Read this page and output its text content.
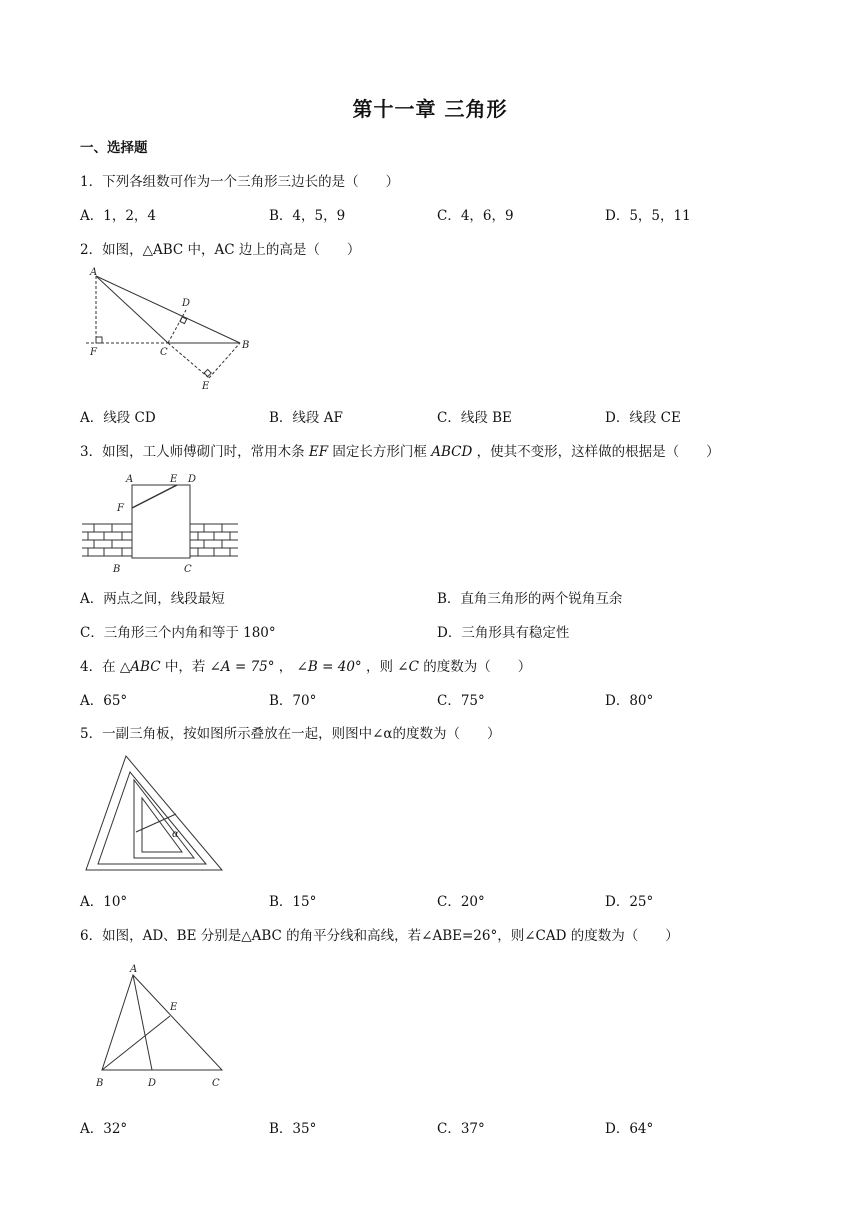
第十一章 三角形
一、选择题
1．下列各组数可作为一个三角形三边长的是（　　）
A．1，2，4	B．4，5，9	C．4，6，9	D．5，5，11
2．如图，△ABC 中，AC 边上的高是（　　）
A
D
F	C
B
E
A．线段 CD	B．线段 AF	C．线段 BE	D．线段 CE
3．如图，工人师傅砌门时，常用木条 EF 固定长方形门框 ABCD ，使其不变形，这样做的根据是（　　）
A	E D
F
B	C
A．两点之间，线段最短	B．直角三角形的两个锐角互余
C．三角形三个内角和等于 180°	D．三角形具有稳定性
4．在 △ABC 中，若 ∠A = 75° ， ∠B = 40° ，则 ∠C 的度数为（　　）
A．65°	B．70°	C．75°	D．80°
5．一副三角板，按如图所示叠放在一起，则图中∠α的度数为（　　）
α
A．10°	B．15°	C．20°	D．25°
6．如图，AD、BE 分别是△ABC 的角平分线和高线，若∠ABE=26°，则∠CAD 的度数为（　　）
A
E
B	D	C
A．32°	B．35°	C．37°	D．64°
